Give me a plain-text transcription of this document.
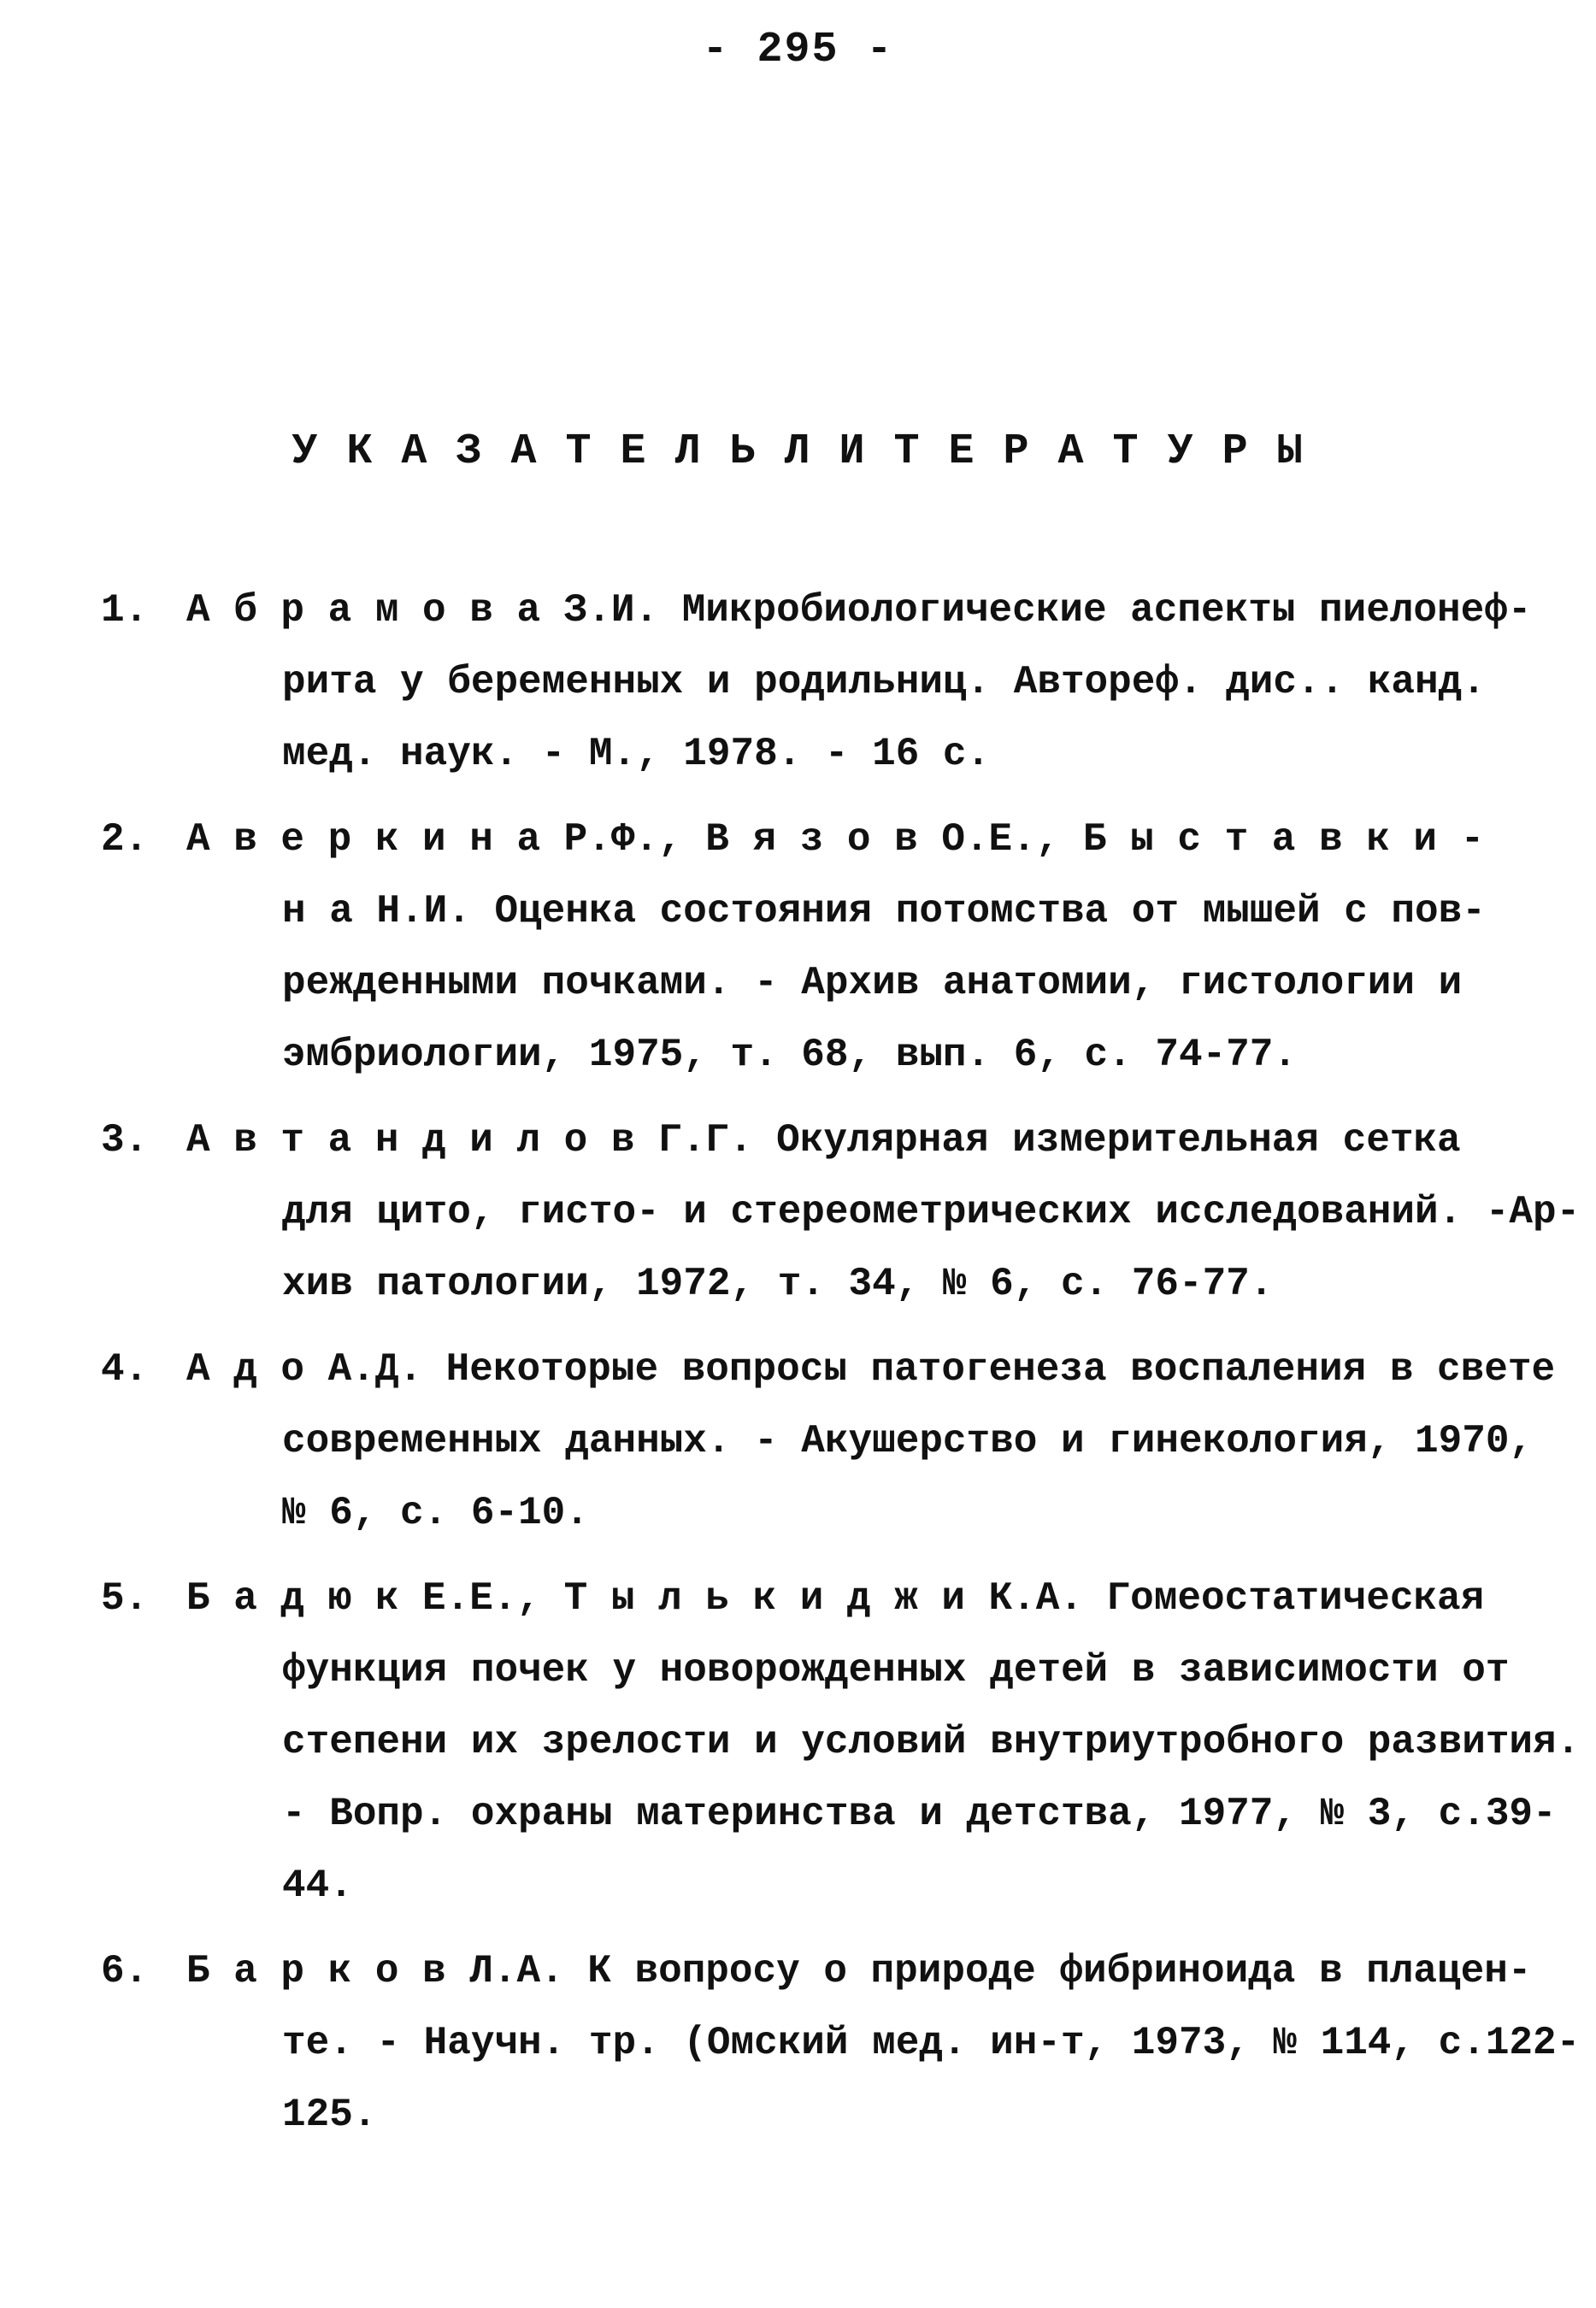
- 295 -
У К А З А Т Е Л Ь Л И Т Е Р А Т У Р Ы
1. А б р а м о в а З.И. Микробиологические аспекты пиелонеф-
рита у беременных и родильниц. Автореф. дис.. канд.
мед. наук. - М., 1978. - 16 с.
2. А в е р к и н а Р.Ф., В я з о в О.Е., Б ы с т а в к и -
н а Н.И. Оценка состояния потомства от мышей с пов-
режденными почками. - Архив анатомии, гистологии и
эмбриологии, 1975, т. 68, вып. 6, с. 74-77.
3. А в т а н д и л о в Г.Г. Окулярная измерительная сетка
для цито, гисто- и стереометрических исследований. -Ар-
хив патологии, 1972, т. 34, № 6, с. 76-77.
4. А д о А.Д. Некоторые вопросы патогенеза воспаления в свете
современных данных. - Акушерство и гинекология, 1970,
№ 6, с. 6-10.
5. Б а д ю к Е.Е., Т ы л ь к и д ж и К.А. Гомеостатическая
функция почек у новорожденных детей в зависимости от
степени их зрелости и условий внутриутробного развития.
- Вопр. охраны материнства и детства, 1977, № 3, с.39-
44.
6. Б а р к о в Л.А. К вопросу о природе фибриноида в плацен-
те. - Научн. тр. (Омский мед. ин-т, 1973, № 114, с.122-
125.
